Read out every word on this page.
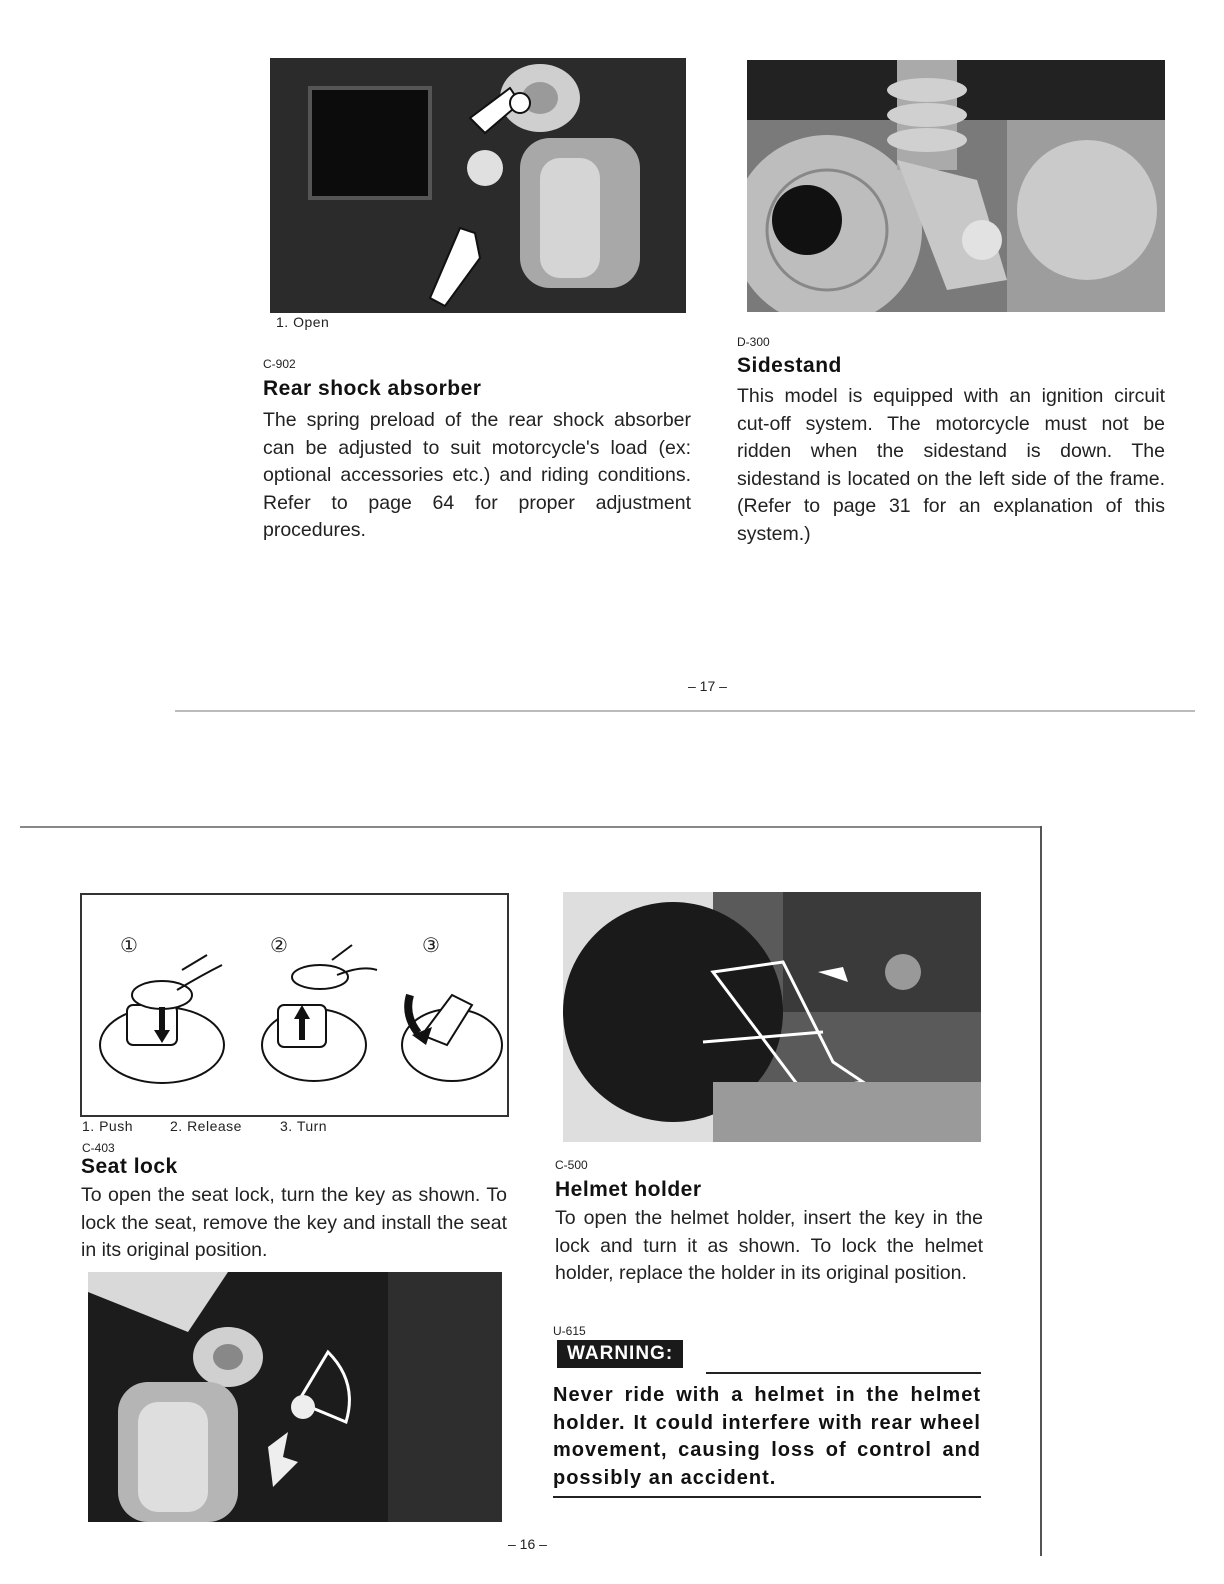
1. Open
C-902
Rear shock absorber
The spring preload of the rear shock absorber can be adjusted to suit motorcycle's load (ex: optional accessories etc.) and riding conditions. Refer to page 64 for proper adjustment procedures.
D-300
Sidestand
This model is equipped with an ignition circuit cut-off system. The motorcycle must not be ridden when the sidestand is down. The sidestand is located on the left side of the frame. (Refer to page 31 for an explanation of this system.)
– 17 –
①	②	③
1. Push	2. Release	3. Turn
C-403
Seat lock
To open the seat lock, turn the key as shown. To lock the seat, remove the key and install the seat in its original position.
C-500
Helmet holder
To open the helmet holder, insert the key in the lock and turn it as shown. To lock the helmet holder, replace the holder in its original position.
U-615
WARNING:
Never ride with a helmet in the helmet holder. It could interfere with rear wheel movement, causing loss of control and possibly an accident.
– 16 –
